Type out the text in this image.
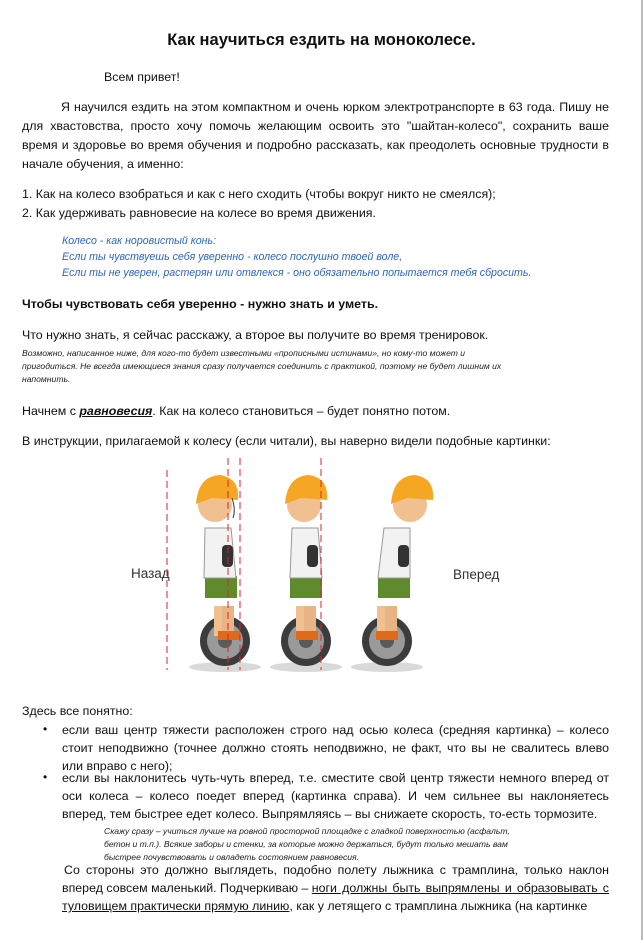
Как научиться ездить на моноколесе.
Всем привет!
Я научился ездить на этом компактном и очень юрком электротранспорте в 63 года. Пишу не
для хвастовства, просто хочу помочь желающим освоить это "шайтан-колесо", сохранить ваше
время и здоровье во время обучения и подробно рассказать, как преодолеть основные трудности в
начале обучения, а именно:
1. Как на колесо взобраться и как с него сходить (чтобы вокруг никто не смеялся);
2. Как удерживать равновесие на колесе во время движения.
Колесо - как норовистый конь:
Если ты чувствуешь себя уверенно - колесо послушно твоей воле,
Если ты не уверен, растерян или отвлекся - оно обязательно попытается тебя сбросить.
Чтобы чувствовать себя уверенно - нужно знать и уметь.
Что нужно знать, я сейчас расскажу, а второе вы получите во время тренировок.
Возможно, написанное ниже, для кого-то будет известными «прописными истинами», но кому-то может и
пригодиться. Не всегда имеющиеся знания сразу получается соединить с практикой, поэтому не будет лишним их
напомнить.
Начнем с равновесия. Как на колесо становиться – будет понятно потом.
В инструкции, прилагаемой к колесу (если читали), вы наверно видели подобные картинки:
Назад	Вперед
Здесь все понятно:
• если ваш центр тяжести расположен строго над осью колеса (средняя картинка) – колесо
стоит неподвижно (точнее должно стоять неподвижно, не факт, что вы не свалитесь влево
или вправо с него);
• если вы наклонитесь чуть-чуть вперед, т.е. сместите свой центр тяжести немного вперед от
оси колеса – колесо поедет вперед (картинка справа). И чем сильнее вы наклоняетесь
вперед, тем быстрее едет колесо. Выпрямляясь – вы снижаете скорость, то-есть тормозите.
Скажу сразу – учиться лучше на ровной просторной площадке с гладкой поверхностью (асфальт,
бетон и т.п.). Всякие заборы и стенки, за которые можно держаться, будут только мешать вам
быстрее почувствовать и овладеть состоянием равновесия.
Со стороны это должно выглядеть, подобно полету лыжника с трамплина, только наклон
вперед совсем маленький. Подчеркиваю – ноги должны быть выпрямлены и образовывать с
туловищем практически прямую линию , как у летящего с трамплина лыжника (на картинке
